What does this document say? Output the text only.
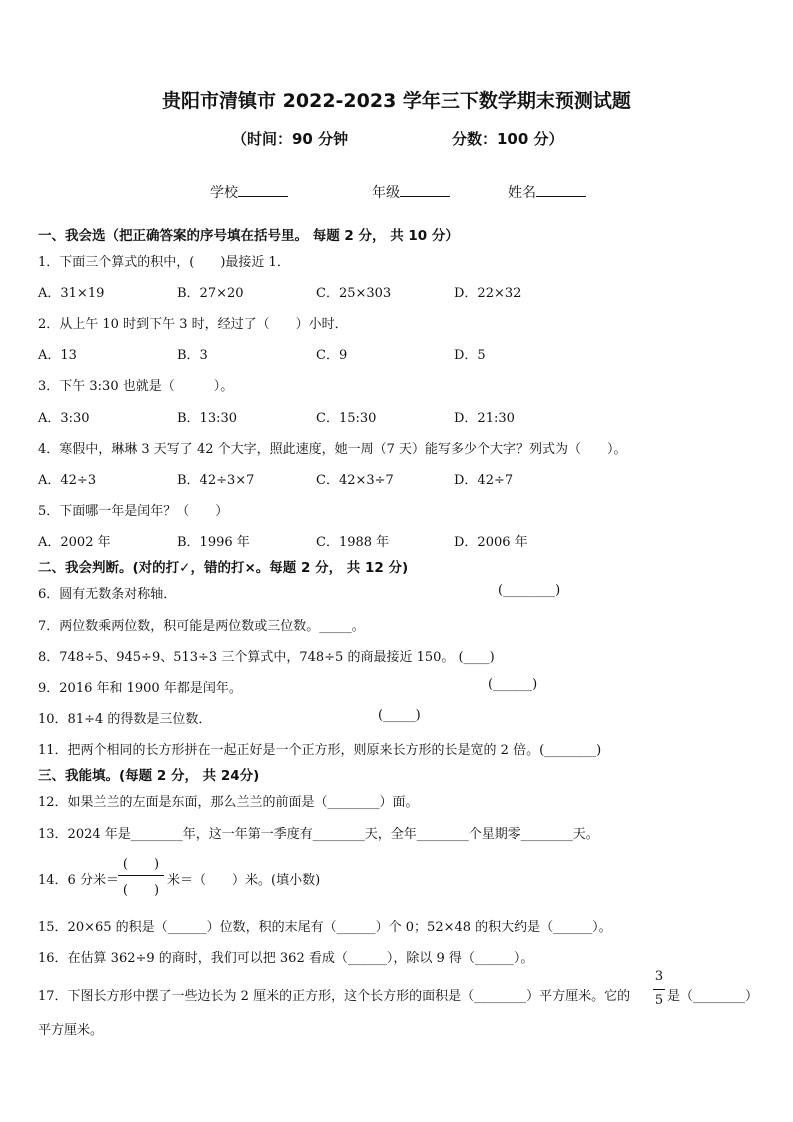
贵阳市清镇市 2022-2023 学年三下数学期末预测试题
（时间：90 分钟	分数：100 分）
学校	年级	姓名
一、我会选（把正确答案的序号填在括号里。 每题 2 分， 共 10 分）
1．下面三个算式的积中，(　　)最接近 1．
A．31×19	B．27×20	C．25×303	D．22×32
2．从上午 10 时到下午 3 时，经过了（　　）小时．
A．13	B．3	C．9	D．5
3．下午 3:30 也就是（　　　）。
A．3:30	B．13:30	C．15:30	D．21:30
4．寒假中，琳琳 3 天写了 42 个大字，照此速度，她一周（7 天）能写多少个大字？列式为（　　）。
A．42÷3	B．42÷3×7	C．42×3÷7	D．42÷7
5．下面哪一年是闰年？（　　）
A．2002 年	B．1996 年	C．1988 年	D．2006 年
二、我会判断。(对的打✓，错的打×。每题 2 分， 共 12 分)
6．圆有无数条对称轴．	(________)
7．两位数乘两位数，积可能是两位数或三位数。_____。
8．748÷5、945÷9、513÷3 三个算式中，748÷5 的商最接近 150。 (____)
9．2016 年和 1900 年都是闰年。	(______)
10．81÷4 的得数是三位数．	(_____)
11．把两个相同的长方形拼在一起正好是一个正方形，则原来长方形的长是宽的 2 倍。(________)
三、我能填。(每题 2 分， 共 24分)
12．如果兰兰的左面是东面，那么兰兰的前面是（________）面。
13．2024 年是________年，这一年第一季度有________天，全年________个星期零________天。
14．6 分米＝
(　　)
(　　)
米＝（　　）米。(填小数)
15．20×65 的积是（______）位数，积的末尾有（______）个 0；52×48 的积大约是（______）。
16．在估算 362÷9 的商时，我们可以把 362 看成（______），除以 9 得（______）。
17．下图长方形中摆了一些边长为 2 厘米的正方形，这个长方形的面积是（________）平方厘米。它的
3
5 是（________）
平方厘米。
